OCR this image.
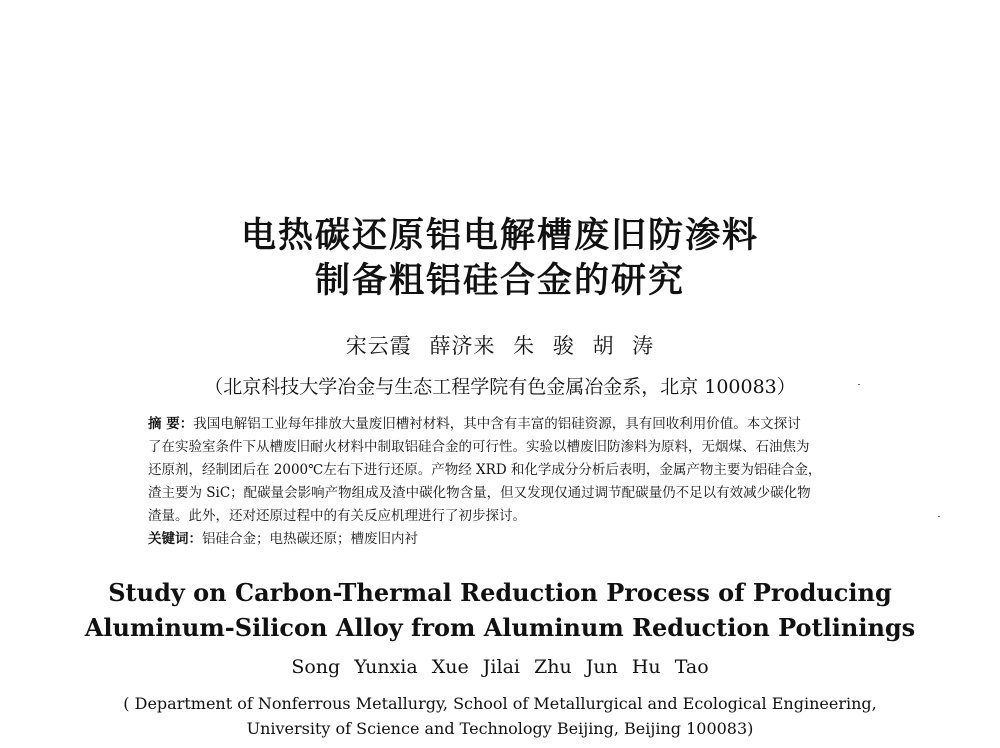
电热碳还原铝电解槽废旧防渗料
制备粗铝硅合金的研究
宋云霞 薛济来 朱 骏 胡 涛
（北京科技大学冶金与生态工程学院有色金属冶金系，北京 100083）
摘 要：我国电解铝工业每年排放大量废旧槽衬材料，其中含有丰富的铝硅资源，具有回收利用价值。本文探讨
了在实验室条件下从槽废旧耐火材料中制取铝硅合金的可行性。实验以槽废旧防渗料为原料，无烟煤、石油焦为
还原剂，经制团后在 2000℃左右下进行还原。产物经 XRD 和化学成分分析后表明，金属产物主要为铝硅合金，
渣主要为 SiC；配碳量会影响产物组成及渣中碳化物含量，但又发现仅通过调节配碳量仍不足以有效减少碳化物
渣量。此外，还对还原过程中的有关反应机理进行了初步探讨。
关键词：铝硅合金；电热碳还原；槽废旧内衬
Study on Carbon-Thermal Reduction Process of Producing
Aluminum-Silicon Alloy from Aluminum Reduction Potlinings
Song Yunxia Xue Jilai Zhu Jun Hu Tao
( Department of Nonferrous Metallurgy, School of Metallurgical and Ecological Engineering,
University of Science and Technology Beijing, Beijing 100083)
